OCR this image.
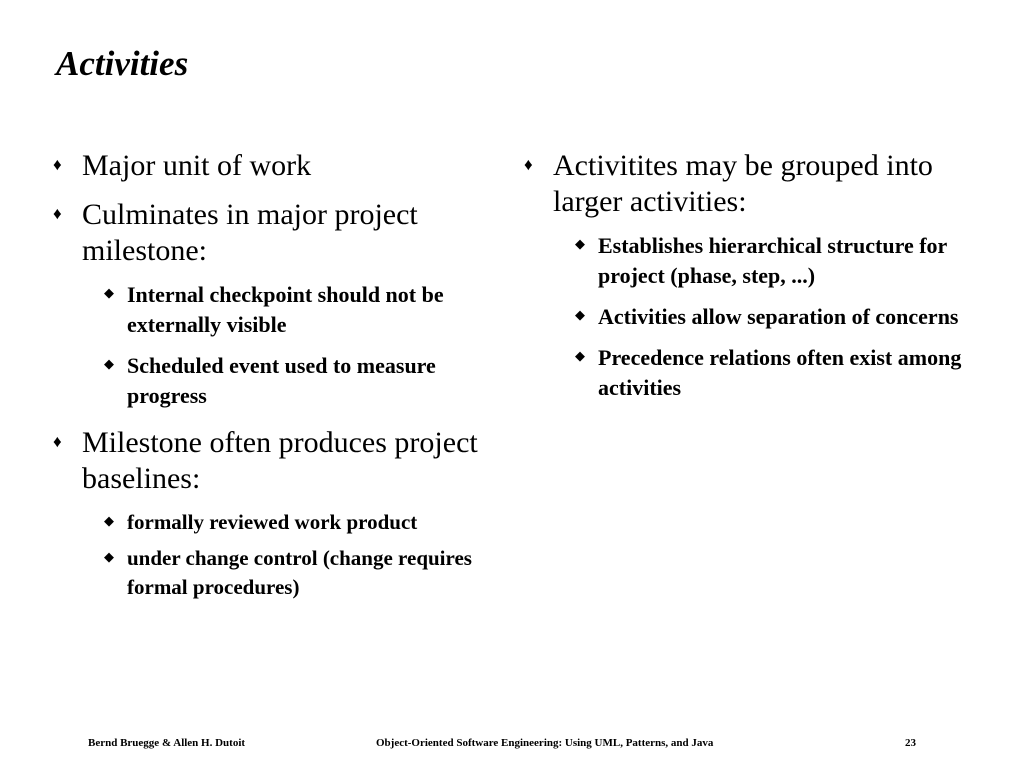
Activities
♦ Major unit of work
♦ Culminates in major project milestone:
◆ Internal checkpoint should not be externally visible
◆ Scheduled event used to measure progress
♦ Milestone often produces project baselines:
◆ formally reviewed work product
◆ under change control (change requires formal procedures)
♦ Activitites may be grouped into larger activities:
◆ Establishes hierarchical structure for project (phase, step, ...)
◆ Activities allow separation of concerns
◆ Precedence relations often exist among activities
Bernd Bruegge & Allen H. Dutoit	Object-Oriented Software Engineering: Using UML, Patterns, and Java	23
